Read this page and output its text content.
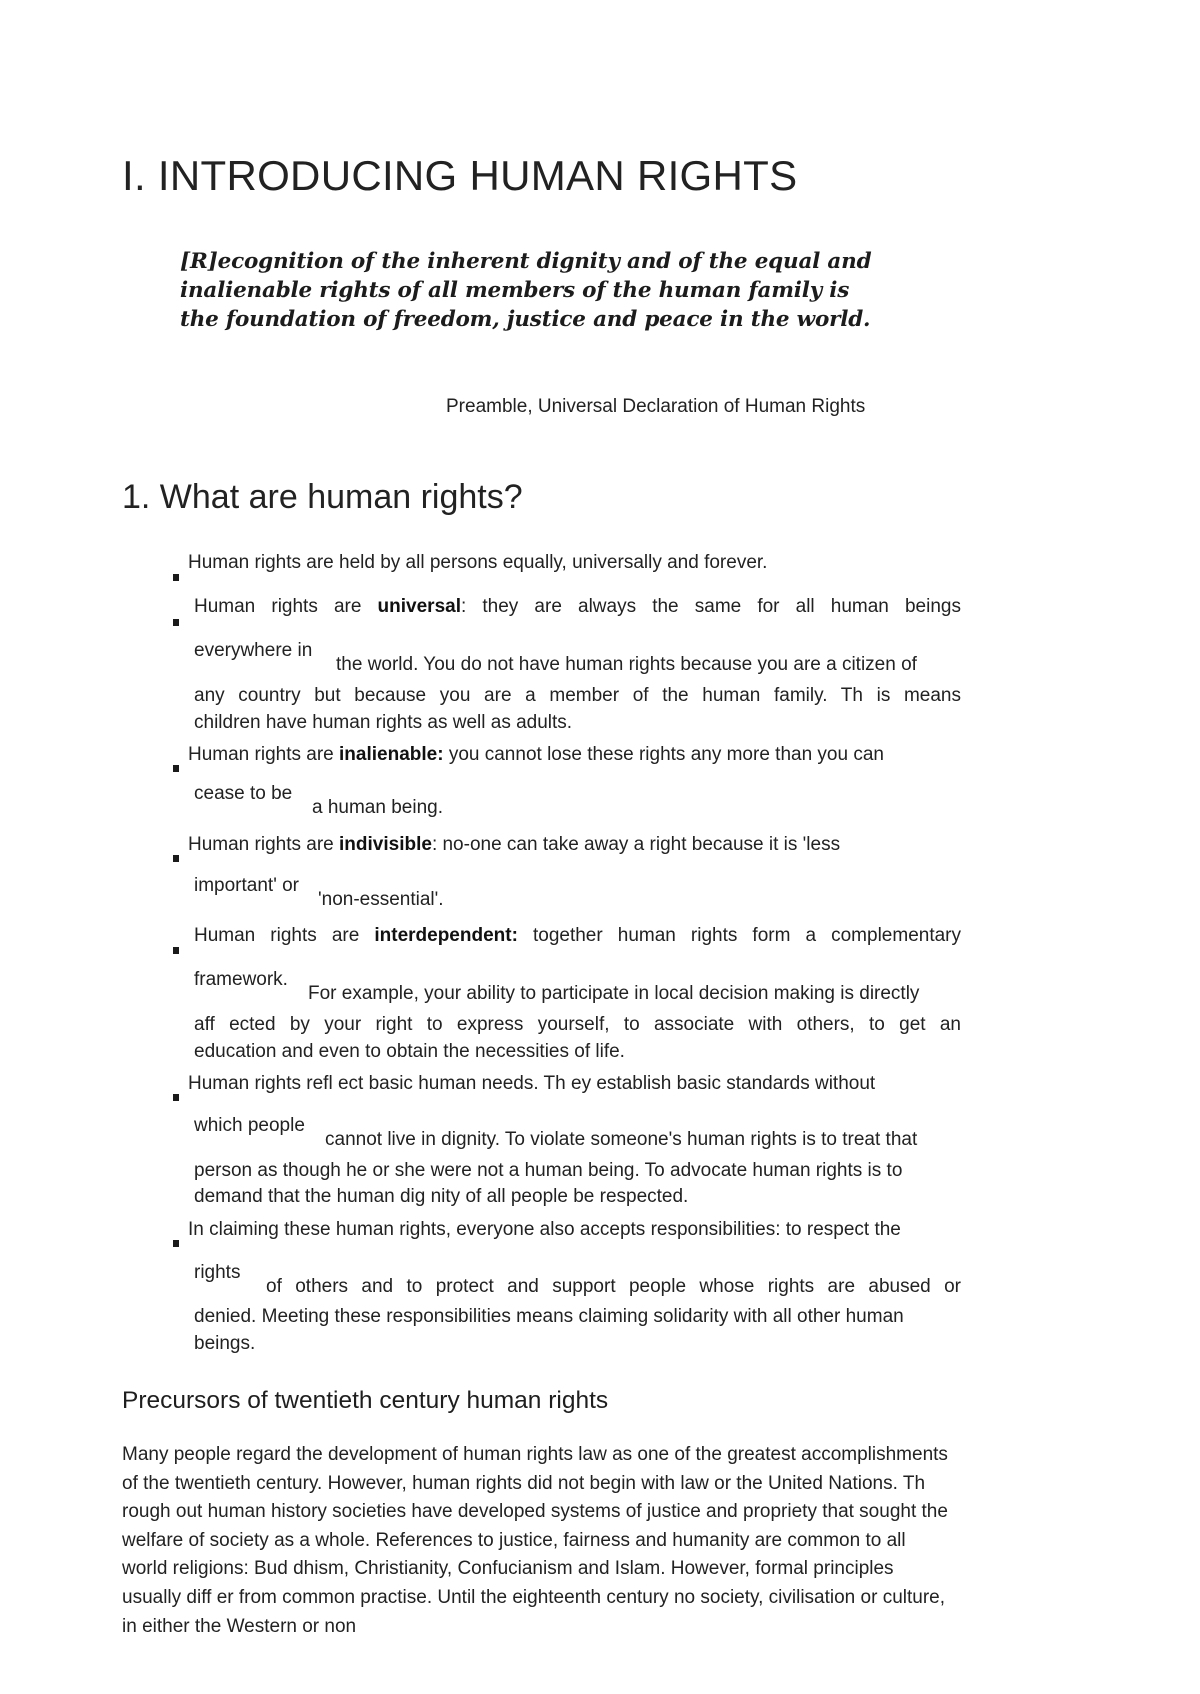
I. INTRODUCING HUMAN RIGHTS

[R]ecognition of the inherent dignity and of the equal and inalienable rights of all members of the human family is the foundation of freedom, justice and peace in the world.

Preamble, Universal Declaration of Human Rights
1. What are human rights?
Human rights are held by all persons equally, universally and forever.
Human rights are universal: they are always the same for all human beings
everywhere in
the world. You do not have human rights because you are a citizen of
any country but because you are a member of the human family. Th is means
children have human rights as well as adults.
Human rights are inalienable: you cannot lose these rights any more than you can
cease to be
a human being.
Human rights are indivisible: no-one can take away a right because it is 'less
important' or
'non-essential'.
Human rights are interdependent: together human rights form a complementary
framework.
For example, your ability to participate in local decision making is directly
aff ected by your right to express yourself, to associate with others, to get an
education and even to obtain the necessities of life.
Human rights refl ect basic human needs. Th ey establish basic standards without
which people
cannot live in dignity. To violate someone's human rights is to treat that
person as though he or she were not a human being. To advocate human rights is to
demand that the human dig nity of all people be respected.
In claiming these human rights, everyone also accepts responsibilities: to respect the
rights
of others and to protect and support people whose rights are abused or
denied. Meeting these responsibilities means claiming solidarity with all other human
beings.
Precursors of twentieth century human rights

Many people regard the development of human rights law as one of the greatest accomplishments of the twentieth century. However, human rights did not begin with law or the United Nations. Th rough out human history societies have developed systems of justice and propriety that sought the welfare of society as a whole. References to justice, fairness and humanity are common to all world religions: Bud dhism, Christianity, Confucianism and Islam. However, formal principles usually diff er from common practise. Until the eighteenth century no society, civilisation or culture, in either the Western or non
